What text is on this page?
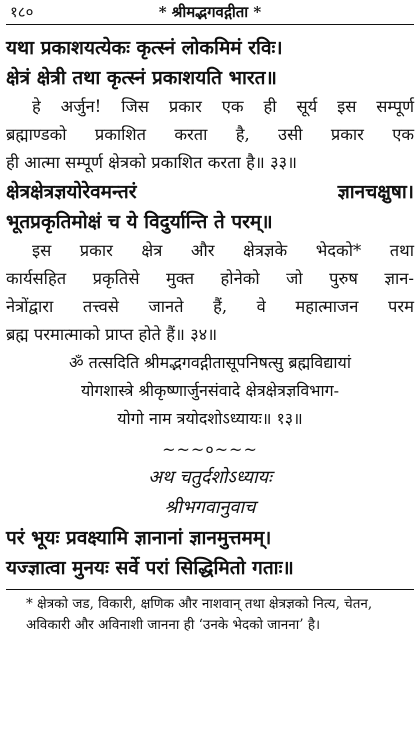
१८०	* श्रीमद्भगवद्गीता *

यथा प्रकाशयत्येकः कृत्स्नं लोकमिमं रविः।

क्षेत्रं क्षेत्री तथा कृत्स्नं प्रकाशयति भारत॥

हे अर्जुन! जिस प्रकार एक ही सूर्य इस सम्पूर्ण
ब्रह्माण्डको प्रकाशित करता है, उसी प्रकार एक
ही आत्मा सम्पूर्ण क्षेत्रको प्रकाशित करता है॥ ३३॥

क्षेत्रक्षेत्रज्ञयोरेवमन्तरं	ज्ञानचक्षुषा।

भूतप्रकृतिमोक्षं च ये विदुर्यान्ति ते परम्॥

इस प्रकार क्षेत्र और क्षेत्रज्ञके भेदको* तथा
कार्यसहित प्रकृतिसे मुक्त होनेको जो पुरुष ज्ञान-
नेत्रोंद्वारा तत्त्वसे जानते हैं, वे महात्माजन परम
ब्रह्म परमात्माको प्राप्त होते हैं॥ ३४॥

ॐ तत्सदिति श्रीमद्भगवद्गीतासूपनिषत्सु ब्रह्मविद्यायां

योगशास्त्रे श्रीकृष्णार्जुनसंवादे क्षेत्रक्षेत्रज्ञविभाग-

योगो नाम त्रयोदशोऽध्यायः॥ १३॥

~~~०~~~

अथ चतुर्दशोऽध्यायः

श्रीभगवानुवाच

परं भूयः प्रवक्ष्यामि ज्ञानानां ज्ञानमुत्तमम्।

यज्ज्ञात्वा मुनयः सर्वे परां सिद्धिमितो गताः॥

* क्षेत्रको जड, विकारी, क्षणिक और नाशवान् तथा क्षेत्रज्ञको नित्य, चेतन, अविकारी और अविनाशी जानना ही ‘उनके भेदको जानना’ है।
